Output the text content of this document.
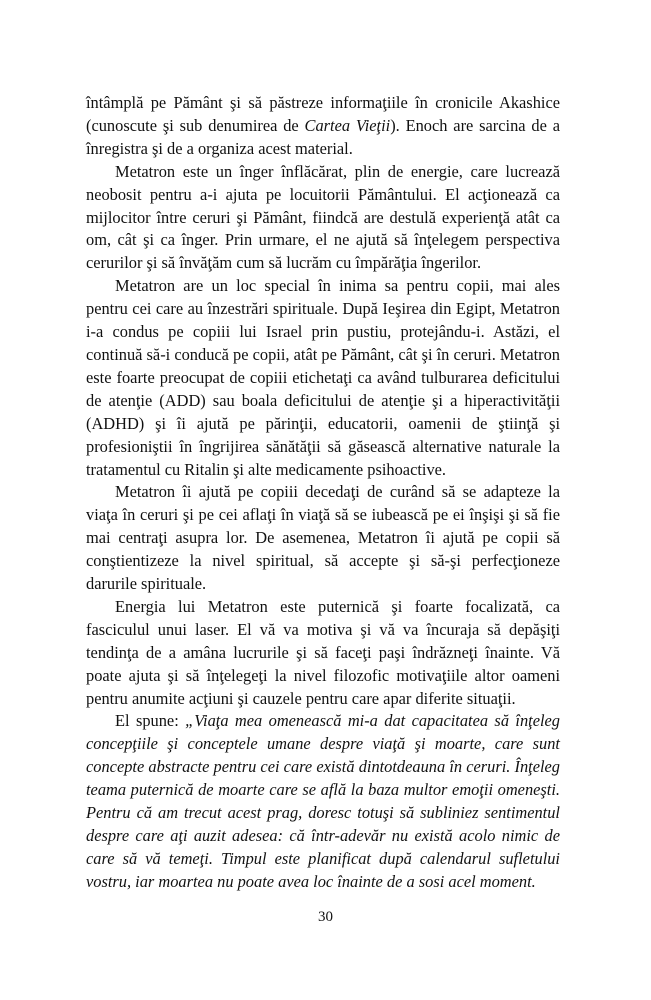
întâmplă pe Pământ şi să păstreze informaţiile în cronicile Akashice (cunoscute şi sub denumirea de Cartea Vieţii). Enoch are sarcina de a înregistra şi de a organiza acest material.

Metatron este un înger înflăcărat, plin de energie, care lucrează neobosit pentru a-i ajuta pe locuitorii Pământului. El acţionează ca mijlocitor între ceruri şi Pământ, fiindcă are destulă experienţă atât ca om, cât şi ca înger. Prin urmare, el ne ajută să înţelegem perspectiva cerurilor şi să învăţăm cum să lucrăm cu împărăţia îngerilor.

Metatron are un loc special în inima sa pentru copii, mai ales pentru cei care au înzestrări spirituale. După Ieşirea din Egipt, Metatron i-a condus pe copiii lui Israel prin pustiu, protejându-i. Astăzi, el continuă să-i conducă pe copii, atât pe Pământ, cât şi în ceruri. Metatron este foarte preocupat de copiii etichetaţi ca având tulburarea deficitului de atenţie (ADD) sau boala deficitului de atenţie şi a hiperactivităţii (ADHD) şi îi ajută pe părinţii, educatorii, oamenii de ştiinţă şi profesioniştii în îngrijirea sănătăţii să găsească alternative naturale la tratamentul cu Ritalin şi alte medicamente psihoactive.

Metatron îi ajută pe copiii decedaţi de curând să se adapteze la viaţa în ceruri şi pe cei aflaţi în viaţă să se iubească pe ei înşişi şi să fie mai centraţi asupra lor. De asemenea, Metatron îi ajută pe copii să conştientizeze la nivel spiritual, să accepte şi să-şi perfecţioneze darurile spirituale.

Energia lui Metatron este puternică şi foarte focalizată, ca fasciculul unui laser. El vă va motiva şi vă va încuraja să depăşiţi tendinţa de a amâna lucrurile şi să faceţi paşi îndrăzneţi înainte. Vă poate ajuta şi să înţelegeţi la nivel filozofic motivaţiile altor oameni pentru anumite acţiuni şi cauzele pentru care apar diferite situaţii.

El spune: „Viaţa mea omenească mi-a dat capacitatea să înţeleg concepţiile şi conceptele umane despre viaţă şi moarte, care sunt concepte abstracte pentru cei care există dintotdeauna în ceruri. Înţeleg teama puternică de moarte care se află la baza multor emoţii omeneşti. Pentru că am trecut acest prag, doresc totuşi să subliniez sentimentul despre care aţi auzit adesea: că într-adevăr nu există acolo nimic de care să vă temeţi. Timpul este planificat după calendarul sufletului vostru, iar moartea nu poate avea loc înainte de a sosi acel moment.

30
